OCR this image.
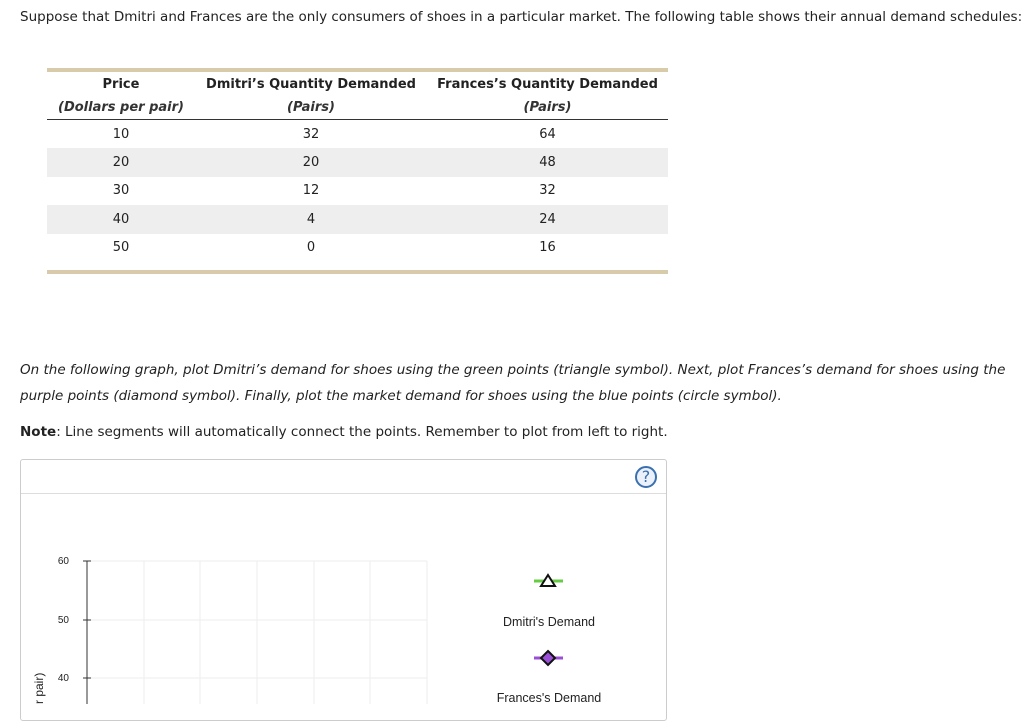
Suppose that Dmitri and Frances are the only consumers of shoes in a particular market. The following table shows their annual demand schedules:
Price	Dmitri’s Quantity Demanded	Frances’s Quantity Demanded
(Dollars per pair)	(Pairs)	(Pairs)
10	32	64
20	20	48
30	12	32
40	4	24
50	0	16
On the following graph, plot Dmitri’s demand for shoes using the green points (triangle symbol). Next, plot Frances’s demand for shoes using the purple points (diamond symbol). Finally, plot the market demand for shoes using the blue points (circle symbol).
Note: Line segments will automatically connect the points. Remember to plot from left to right.
?
60
50
40
r pair)
Dmitri's Demand
Frances's Demand
